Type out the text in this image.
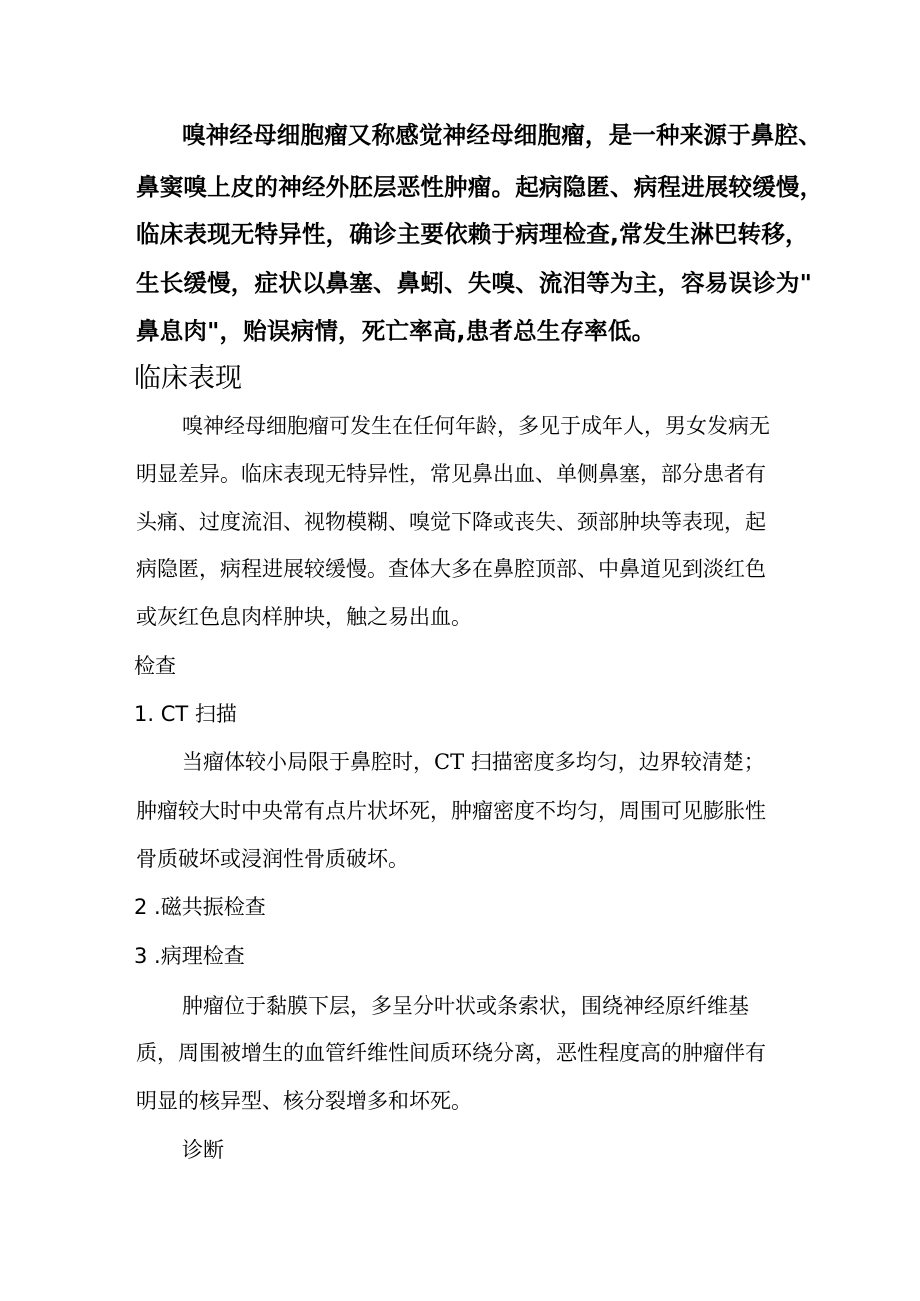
嗅神经母细胞瘤又称感觉神经母细胞瘤，是一种来源于鼻腔、

鼻窦嗅上皮的神经外胚层恶性肿瘤。起病隐匿、病程进展较缓慢，

临床表现无特异性，确诊主要依赖于病理检查,常发生淋巴转移，

生长缓慢，症状以鼻塞、鼻蚓、失嗅、流泪等为主，容易误诊为"

鼻息肉"，贻误病情，死亡率高,患者总生存率低。

临床表现

嗅神经母细胞瘤可发生在任何年龄，多见于成年人，男女发病无

明显差异。临床表现无特异性，常见鼻出血、单侧鼻塞，部分患者有

头痛、过度流泪、视物模糊、嗅觉下降或丧失、颈部肿块等表现，起

病隐匿，病程进展较缓慢。查体大多在鼻腔顶部、中鼻道见到淡红色

或灰红色息肉样肿块，触之易出血。

检查
1. CT 扫描

当瘤体较小局限于鼻腔时，CT 扫描密度多均匀，边界较清楚；

肿瘤较大时中央常有点片状坏死，肿瘤密度不均匀，周围可见膨胀性

骨质破坏或浸润性骨质破坏。

2 .磁共振检查
3 .病理检查

肿瘤位于黏膜下层，多呈分叶状或条索状，围绕神经原纤维基

质，周围被增生的血管纤维性间质环绕分离，恶性程度高的肿瘤伴有

明显的核异型、核分裂增多和坏死。

诊断
